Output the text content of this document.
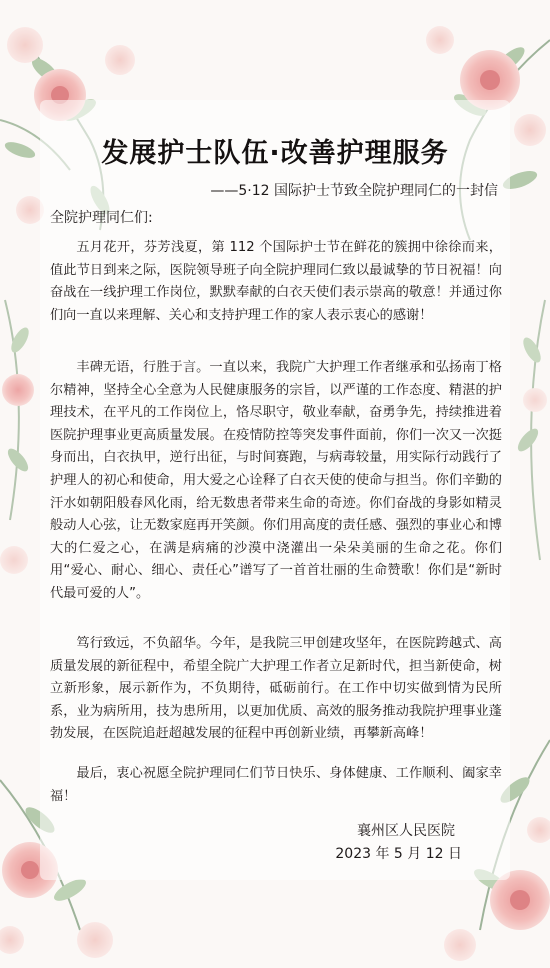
发展护士队伍·改善护理服务

——5·12 国际护士节致全院护理同仁的一封信

全院护理同仁们:

五月花开，芬芳浅夏，第 112 个国际护士节在鲜花的簇拥中徐徐而来，值此节日到来之际，医院领导班子向全院护理同仁致以最诚挚的节日祝福！向奋战在一线护理工作岗位，默默奉献的白衣天使们表示崇高的敬意！并通过你们向一直以来理解、关心和支持护理工作的家人表示衷心的感谢！

丰碑无语，行胜于言。一直以来，我院广大护理工作者继承和弘扬南丁格尔精神，坚持全心全意为人民健康服务的宗旨，以严谨的工作态度、精湛的护理技术，在平凡的工作岗位上，恪尽职守，敬业奉献，奋勇争先，持续推进着医院护理事业更高质量发展。在疫情防控等突发事件面前，你们一次又一次挺身而出，白衣执甲，逆行出征，与时间赛跑，与病毒较量，用实际行动践行了护理人的初心和使命，用大爱之心诠释了白衣天使的使命与担当。你们辛勤的汗水如朝阳般春风化雨，给无数患者带来生命的奇迹。你们奋战的身影如精灵般动人心弦，让无数家庭再开笑颜。你们用高度的责任感、强烈的事业心和博大的仁爱之心，在满是病痛的沙漠中浇灌出一朵朵美丽的生命之花。你们用“爱心、耐心、细心、责任心”谱写了一首首壮丽的生命赞歌！你们是“新时代最可爱的人”。

笃行致远，不负韶华。今年，是我院三甲创建攻坚年，在医院跨越式、高质量发展的新征程中，希望全院广大护理工作者立足新时代，担当新使命，树立新形象，展示新作为，不负期待，砥砺前行。在工作中切实做到情为民所系，业为病所用，技为患所用，以更加优质、高效的服务推动我院护理事业蓬勃发展，在医院追赶超越发展的征程中再创新业绩，再攀新高峰！

最后，衷心祝愿全院护理同仁们节日快乐、身体健康、工作顺利、阖家幸福！

襄州区人民医院

2023 年 5 月 12 日
